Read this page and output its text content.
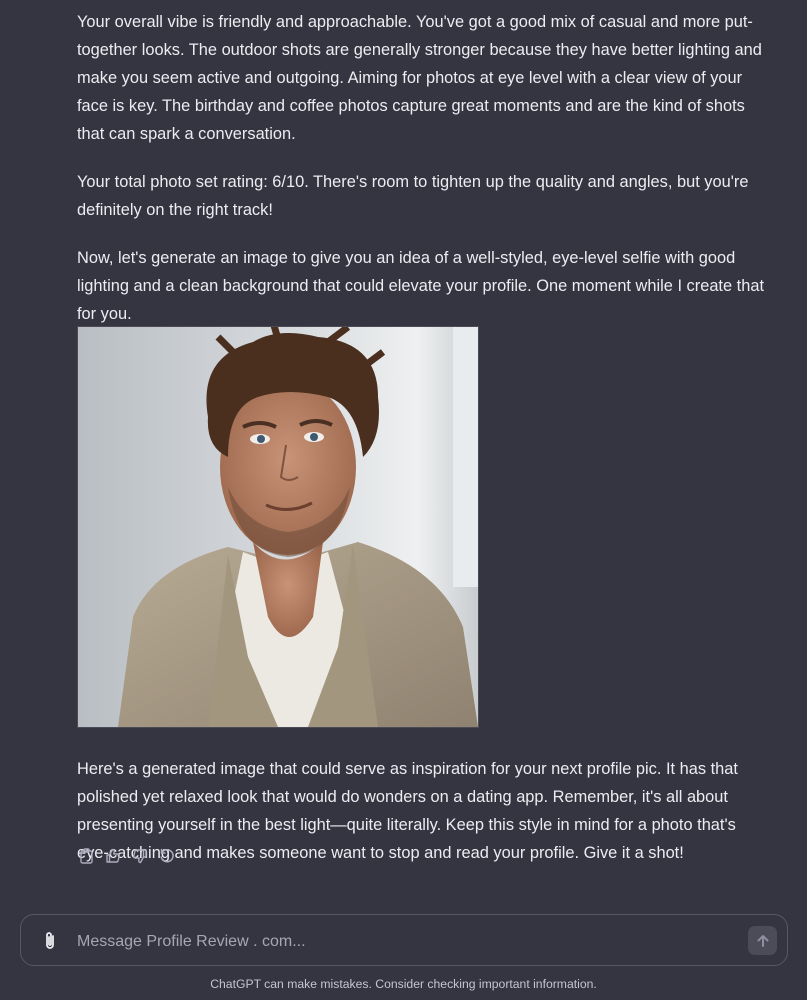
Your overall vibe is friendly and approachable. You've got a good mix of casual and more put-together looks. The outdoor shots are generally stronger because they have better lighting and make you seem active and outgoing. Aiming for photos at eye level with a clear view of your face is key. The birthday and coffee photos capture great moments and are the kind of shots that can spark a conversation.

Your total photo set rating: 6/10. There's room to tighten up the quality and angles, but you're definitely on the right track!

Now, let's generate an image to give you an idea of a well-styled, eye-level selfie with good lighting and a clean background that could elevate your profile. One moment while I create that for you.

Here's a generated image that could serve as inspiration for your next profile pic. It has that polished yet relaxed look that would do wonders on a dating app. Remember, it's all about presenting yourself in the best light—quite literally. Keep this style in mind for a photo that's eye-catching and makes someone want to stop and read your profile. Give it a shot!

Message Profile Review . com...
ChatGPT can make mistakes. Consider checking important information.
